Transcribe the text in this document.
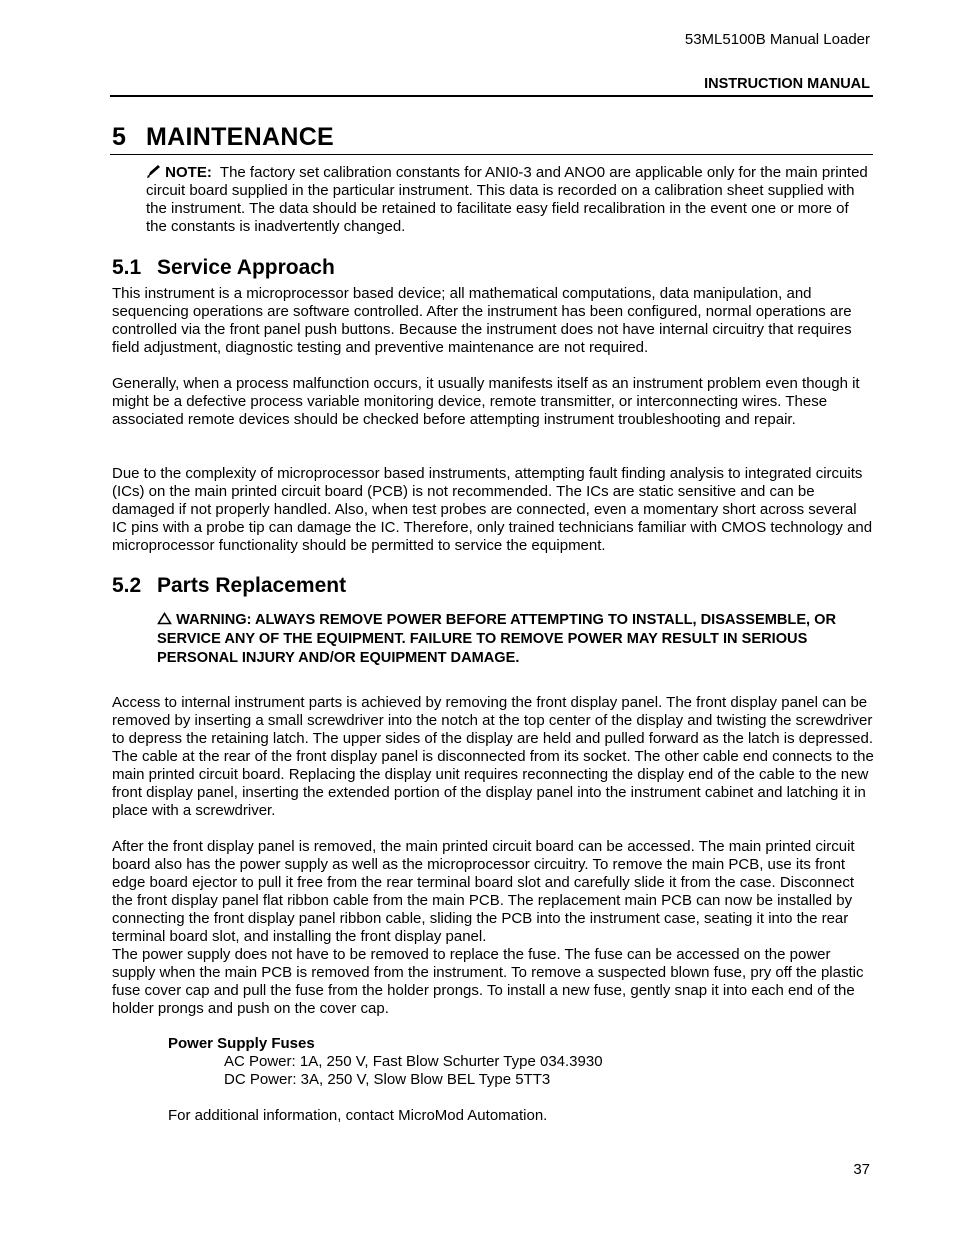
53ML5100B Manual Loader
INSTRUCTION MANUAL
5 MAINTENANCE
NOTE: The factory set calibration constants for ANI0-3 and ANO0 are applicable only for the main printed circuit board supplied in the particular instrument. This data is recorded on a calibration sheet supplied with the instrument. The data should be retained to facilitate easy field recalibration in the event one or more of the constants is inadvertently changed.
5.1 Service Approach
This instrument is a microprocessor based device; all mathematical computations, data manipulation, and sequencing operations are software controlled. After the instrument has been configured, normal operations are controlled via the front panel push buttons. Because the instrument does not have internal circuitry that requires field adjustment, diagnostic testing and preventive maintenance are not required.
Generally, when a process malfunction occurs, it usually manifests itself as an instrument problem even though it might be a defective process variable monitoring device, remote transmitter, or interconnecting wires. These associated remote devices should be checked before attempting instrument troubleshooting and repair.
Due to the complexity of microprocessor based instruments, attempting fault finding analysis to integrated circuits (ICs) on the main printed circuit board (PCB) is not recommended. The ICs are static sensitive and can be damaged if not properly handled. Also, when test probes are connected, even a momentary short across several IC pins with a probe tip can damage the IC. Therefore, only trained technicians familiar with CMOS technology and microprocessor functionality should be permitted to service the equipment.
5.2 Parts Replacement
WARNING: ALWAYS REMOVE POWER BEFORE ATTEMPTING TO INSTALL, DISASSEMBLE, OR SERVICE ANY OF THE EQUIPMENT. FAILURE TO REMOVE POWER MAY RESULT IN SERIOUS PERSONAL INJURY AND/OR EQUIPMENT DAMAGE.
Access to internal instrument parts is achieved by removing the front display panel. The front display panel can be removed by inserting a small screwdriver into the notch at the top center of the display and twisting the screwdriver to depress the retaining latch. The upper sides of the display are held and pulled forward as the latch is depressed. The cable at the rear of the front display panel is disconnected from its socket. The other cable end connects to the main printed circuit board. Replacing the display unit requires reconnecting the display end of the cable to the new front display panel, inserting the extended portion of the display panel into the instrument cabinet and latching it in place with a screwdriver.
After the front display panel is removed, the main printed circuit board can be accessed. The main printed circuit board also has the power supply as well as the microprocessor circuitry. To remove the main PCB, use its front edge board ejector to pull it free from the rear terminal board slot and carefully slide it from the case. Disconnect the front display panel flat ribbon cable from the main PCB. The replacement main PCB can now be installed by connecting the front display panel ribbon cable, sliding the PCB into the instrument case, seating it into the rear terminal board slot, and installing the front display panel.
The power supply does not have to be removed to replace the fuse. The fuse can be accessed on the power supply when the main PCB is removed from the instrument. To remove a suspected blown fuse, pry off the plastic fuse cover cap and pull the fuse from the holder prongs. To install a new fuse, gently snap it into each end of the holder prongs and push on the cover cap.
Power Supply Fuses
AC Power: 1A, 250 V, Fast Blow Schurter Type 034.3930
DC Power: 3A, 250 V, Slow Blow BEL Type 5TT3
For additional information, contact MicroMod Automation.
37
